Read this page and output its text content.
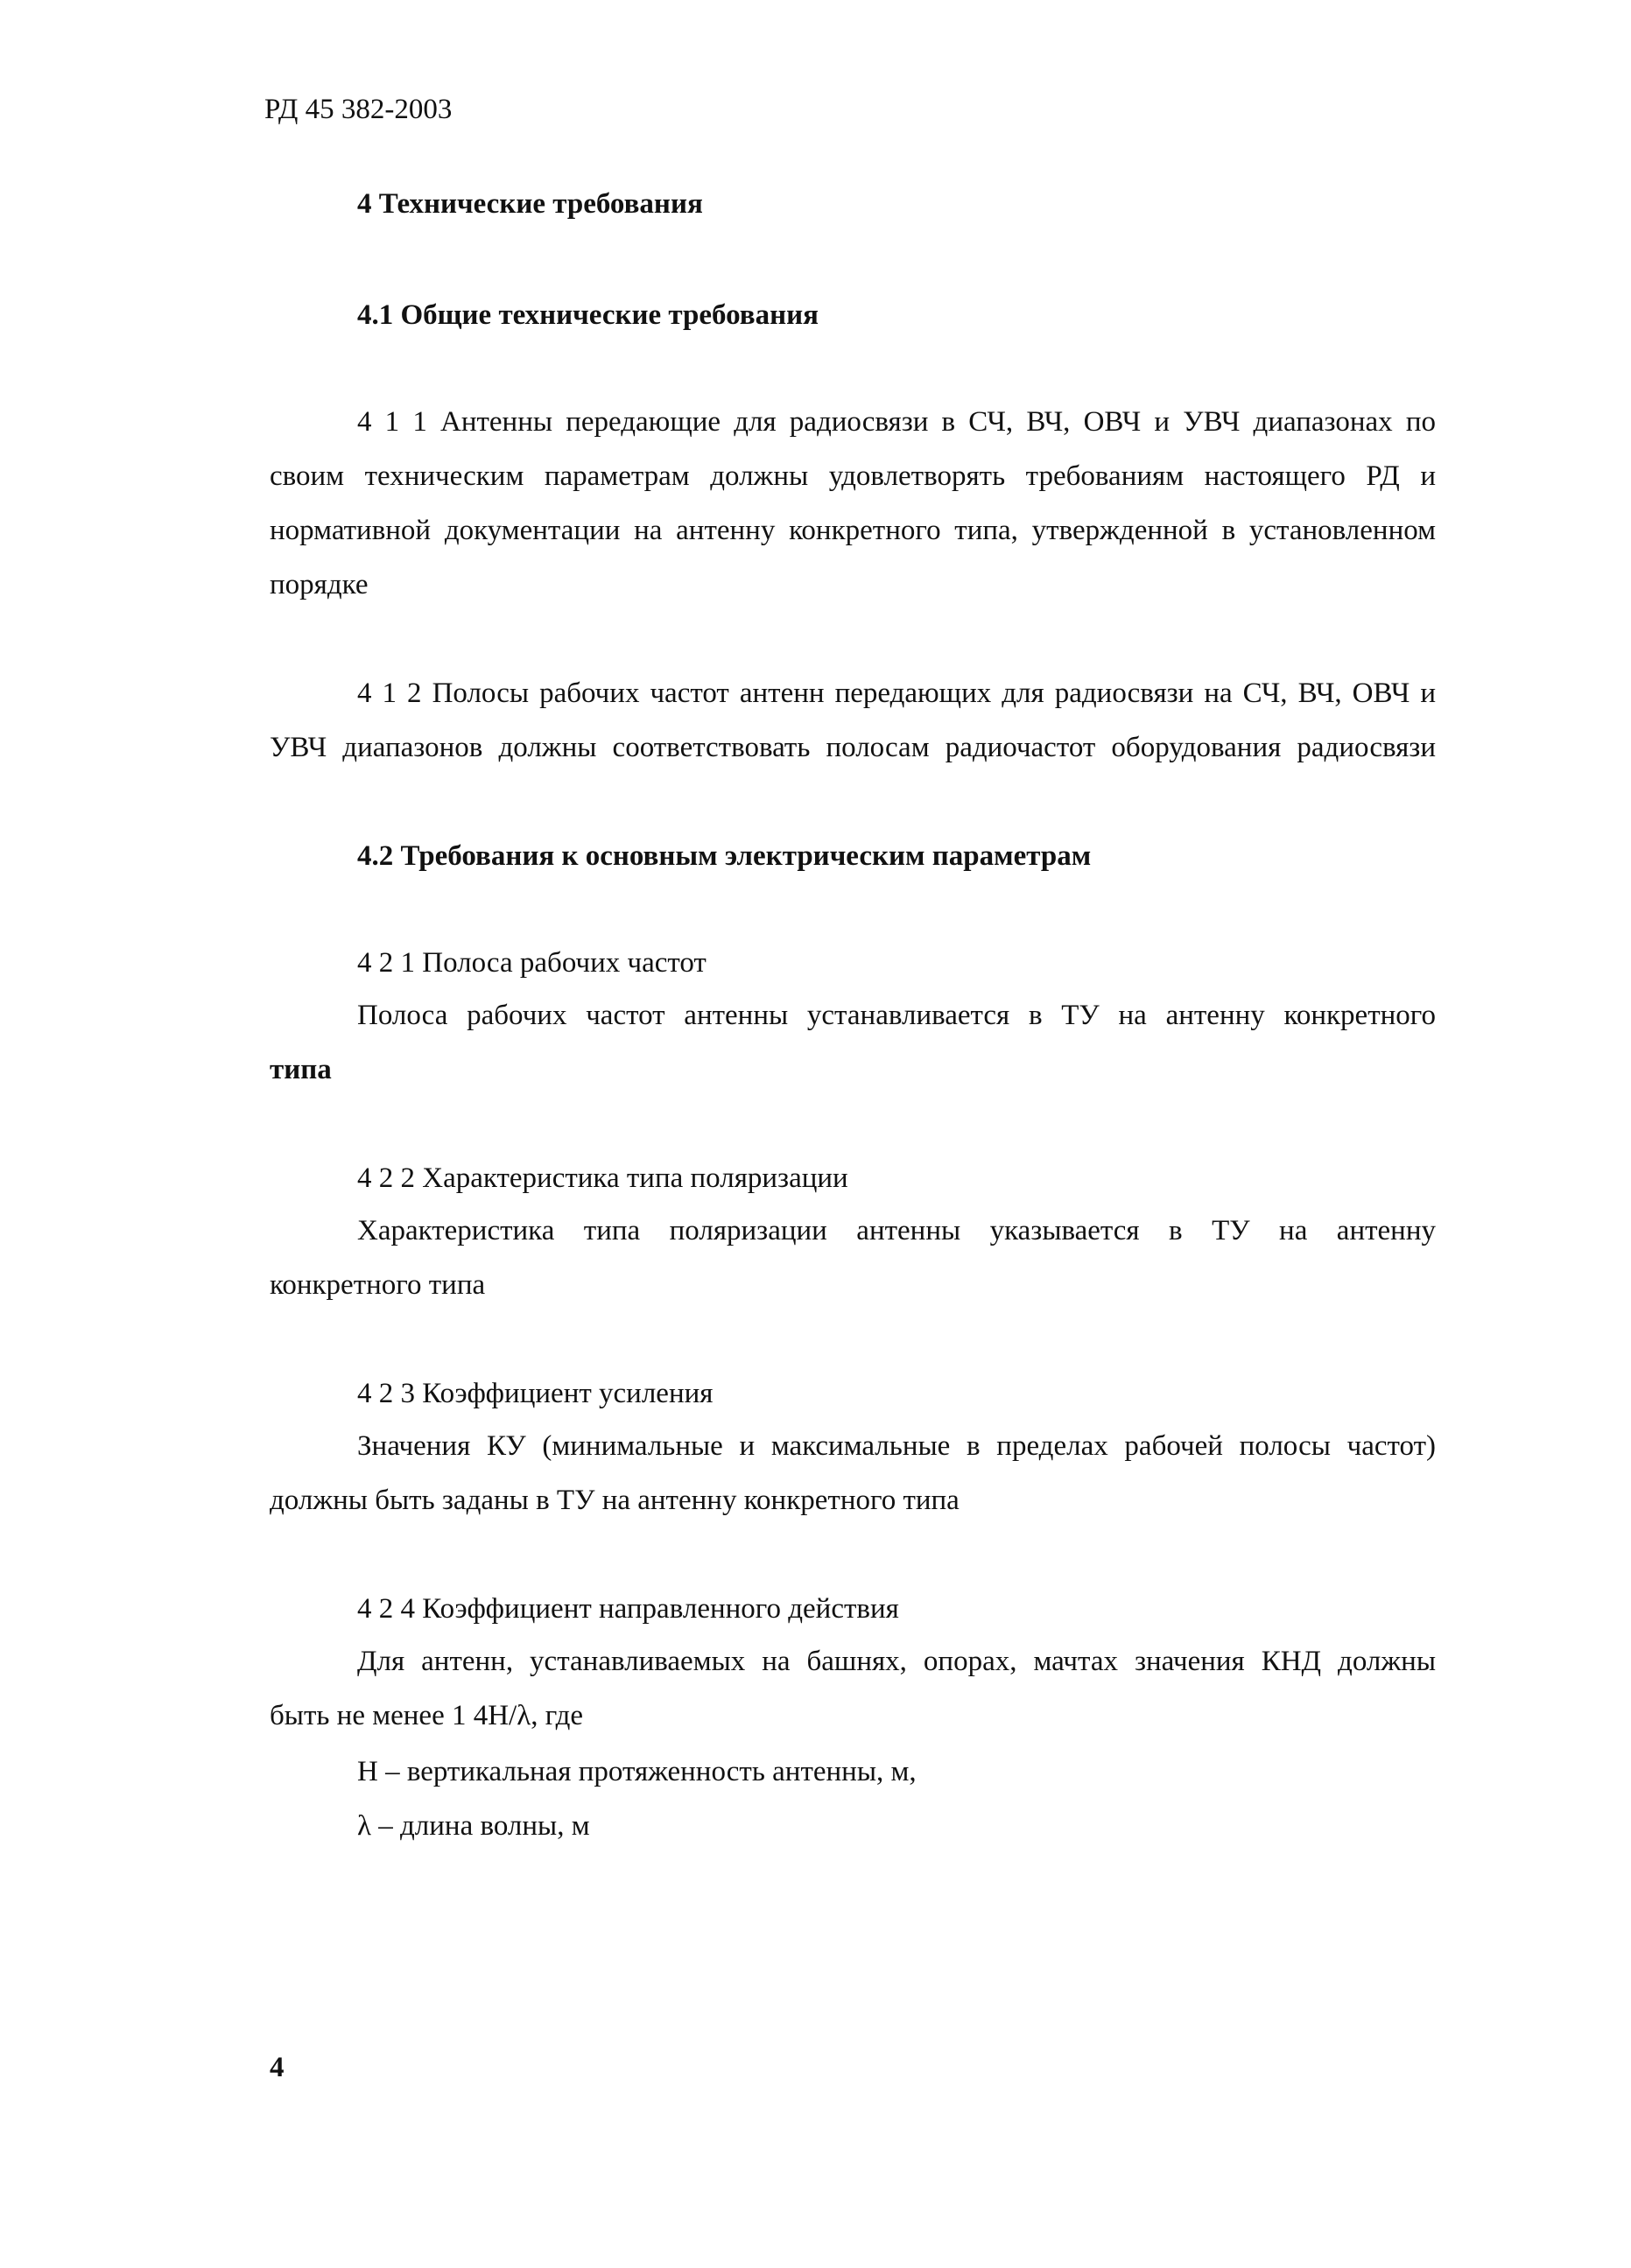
РД 45 382-2003
4 Технические требования
4.1 Общие технические требования
4 1 1 Антенны передающие для радиосвязи в СЧ, ВЧ, ОВЧ и УВЧ диапазонах по
своим техническим параметрам должны удовлетворять требованиям настоящего РД и
нормативной документации на антенну конкретного типа, утвержденной в установленном
порядке
4 1 2 Полосы рабочих частот антенн передающих для радиосвязи на СЧ, ВЧ, ОВЧ и
УВЧ диапазонов должны соответствовать полосам радиочастот оборудования радиосвязи
4.2 Требования к основным электрическим параметрам
4 2 1 Полоса рабочих частот
Полоса рабочих частот антенны устанавливается в ТУ на антенну конкретного
типа
4 2 2 Характеристика типа поляризации
Характеристика типа поляризации антенны указывается в ТУ на антенну
конкретного типа
4 2 3 Коэффициент усиления
Значения КУ (минимальные и максимальные в пределах рабочей полосы частот)
должны быть заданы в ТУ на антенну конкретного типа
4 2 4 Коэффициент направленного действия
Для антенн, устанавливаемых на башнях, опорах, мачтах значения КНД должны
быть не менее 1 4Н/λ, где
Н – вертикальная протяженность антенны, м,
λ – длина волны, м
4
